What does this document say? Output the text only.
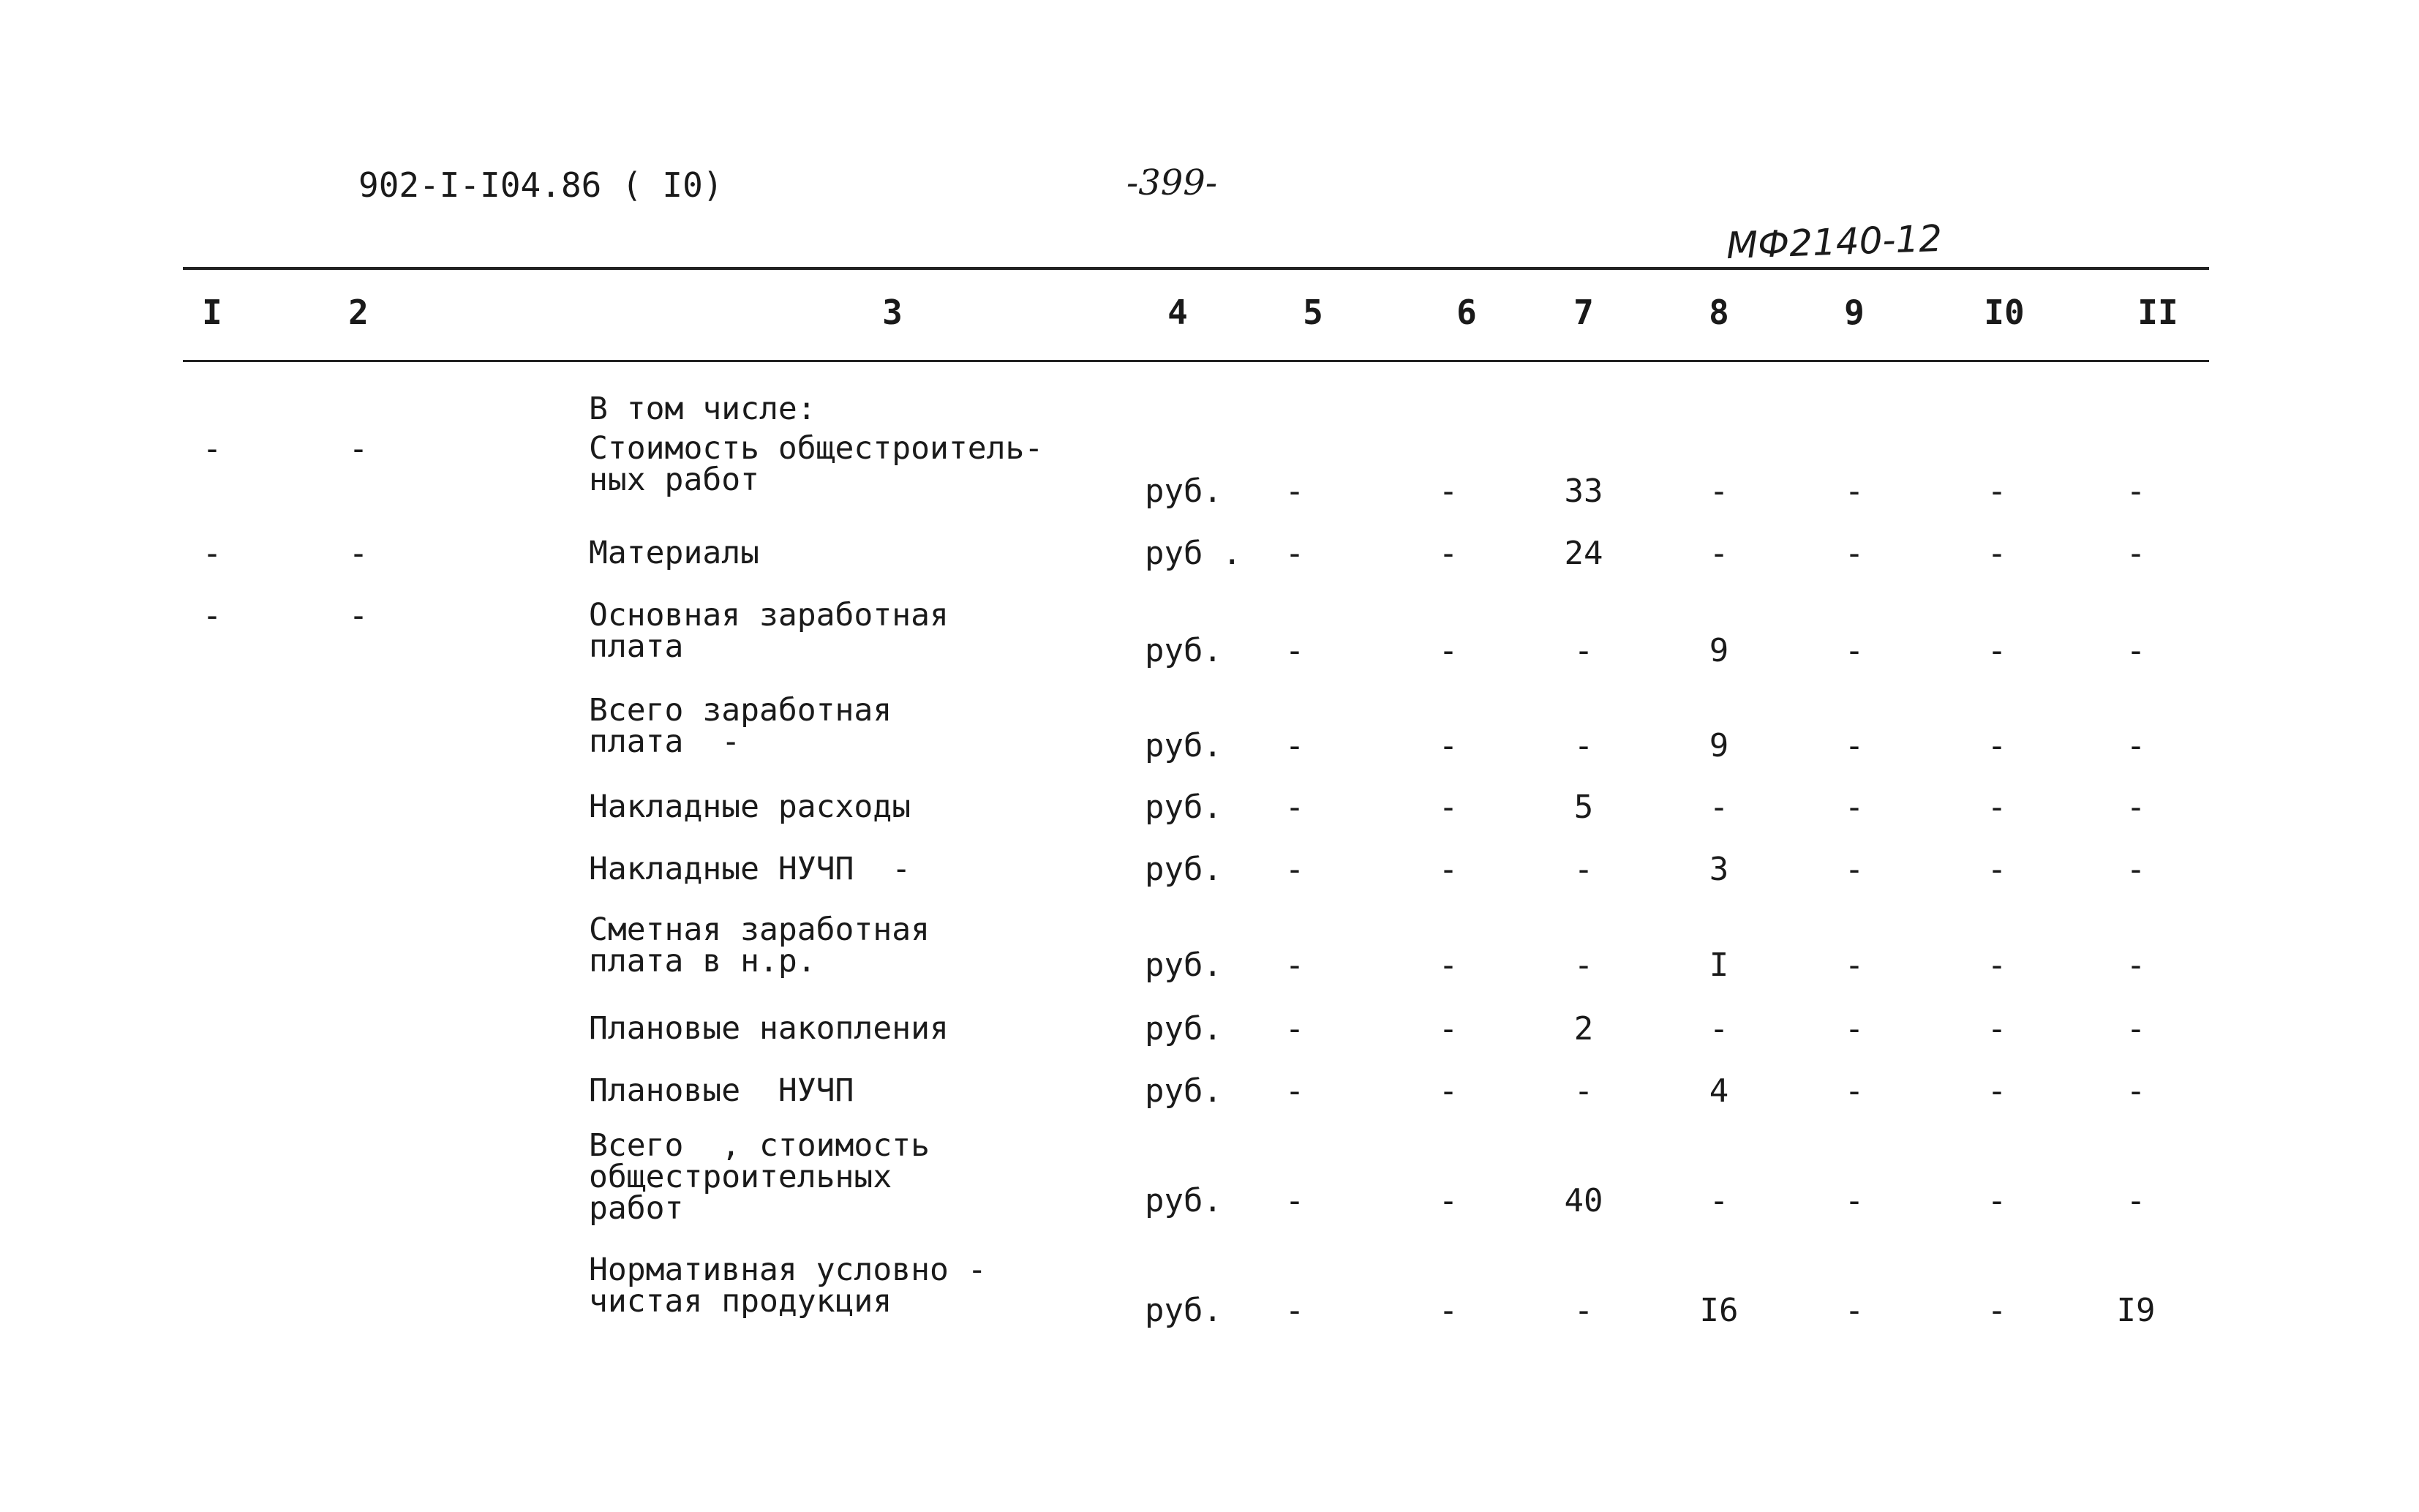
902-I-I04.86 ( I0)	-399-
МФ2140-12
I	2	3	4	5	6	7	8	9	I0	II
В том числе:
-	-	Стоимость общестроитель-
ных работ	руб.	-	-	33	-	-	-	-
-	-	Материалы	руб .	-	-	24	-	-	-	-
-	-	Основная заработная
плата	руб.	-	-	-	9	-	-	-
Всего заработная
плата  -	руб.	-	-	-	9	-	-	-
Накладные расходы	руб.	-	-	5	-	-	-	-
Накладные НУЧП  -	руб.	-	-	-	3	-	-	-
Сметная заработная
плата в н.р.	руб.	-	-	-	I	-	-	-
Плановые накопления	руб.	-	-	2	-	-	-	-
Плановые  НУЧП	руб.	-	-	-	4	-	-	-
Всего  , стоимость
общестроительных
работ	руб.	-	-	40	-	-	-	-
Нормативная условно -
чистая продукция	руб.	-	-	-	I6	-	-	I9
